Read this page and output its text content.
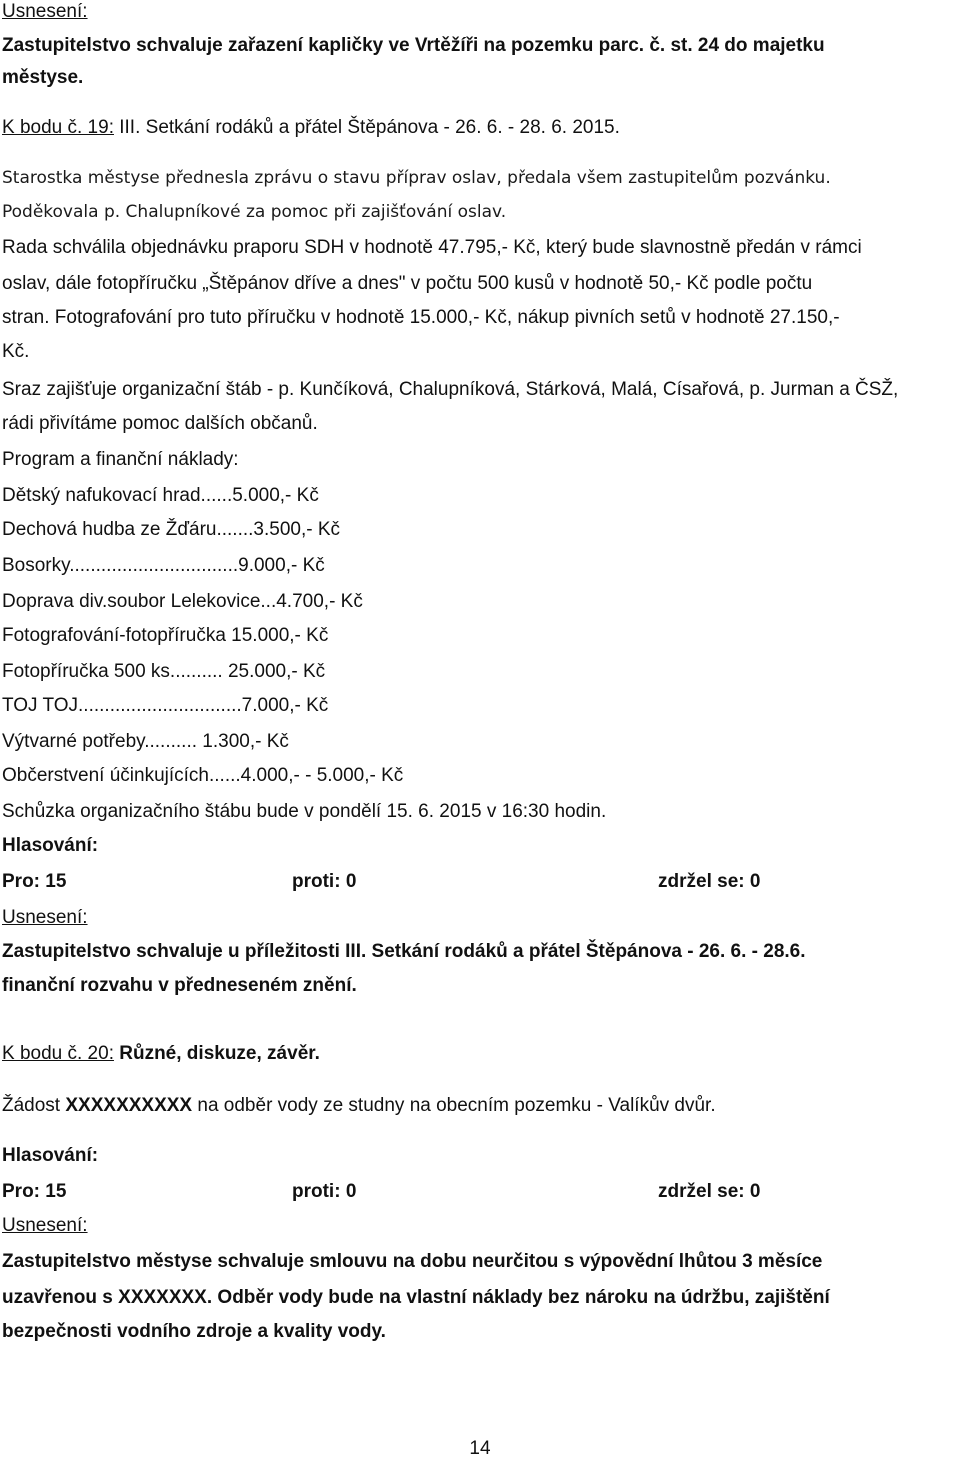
Usnesení:

Zastupitelstvo schvaluje zařazení kapličky ve Vrtěžíři na pozemku parc. č. st. 24 do majetku

městyse.

K bodu č. 19: III. Setkání rodáků a přátel Štěpánova - 26. 6. - 28. 6. 2015.

Starostka městyse přednesla zprávu o stavu příprav oslav, předala všem zastupitelům pozvánku.

Poděkovala p. Chalupníkové za pomoc při zajišťování oslav.

Rada schválila objednávku praporu SDH v hodnotě 47.795,- Kč, který bude slavnostně předán v rámci

oslav, dále fotopříručku „Štěpánov dříve a dnes" v počtu 500 kusů v hodnotě 50,- Kč podle počtu

stran. Fotografování pro tuto příručku v hodnotě 15.000,- Kč, nákup pivních setů v hodnotě 27.150,-

Kč.

Sraz zajišťuje organizační štáb - p. Kunčíková, Chalupníková, Stárková, Malá, Císařová, p. Jurman a ČSŽ,

rádi přivítáme pomoc dalších občanů.

Program a finanční náklady:

Dětský nafukovací hrad......5.000,- Kč

Dechová hudba ze Žďáru.......3.500,- Kč

Bosorky................................9.000,- Kč

Doprava div.soubor Lelekovice...4.700,- Kč

Fotografování-fotopříručka 15.000,- Kč

Fotopříručka 500 ks.......... 25.000,- Kč

TOJ TOJ...............................7.000,- Kč

Výtvarné potřeby.......... 1.300,- Kč

Občerstvení účinkujících......4.000,- - 5.000,- Kč

Schůzka organizačního štábu bude v pondělí 15. 6. 2015 v 16:30 hodin.

Hlasování:

Pro: 15	proti: 0	zdržel se: 0

Usnesení:

Zastupitelstvo schvaluje u příležitosti III. Setkání rodáků a přátel Štěpánova - 26. 6. - 28.6.

finanční rozvahu v předneseném znění.

K bodu č. 20: Různé, diskuze, závěr.

Žádost XXXXXXXXXX na odběr vody ze studny na obecním pozemku - Valíkův dvůr.

Hlasování:

Pro: 15	proti: 0	zdržel se: 0

Usnesení:

Zastupitelstvo městyse schvaluje smlouvu na dobu neurčitou s výpovědní lhůtou 3 měsíce

uzavřenou s XXXXXXX. Odběr vody bude na vlastní náklady bez nároku na údržbu, zajištění

bezpečnosti vodního zdroje a kvality vody.

14
